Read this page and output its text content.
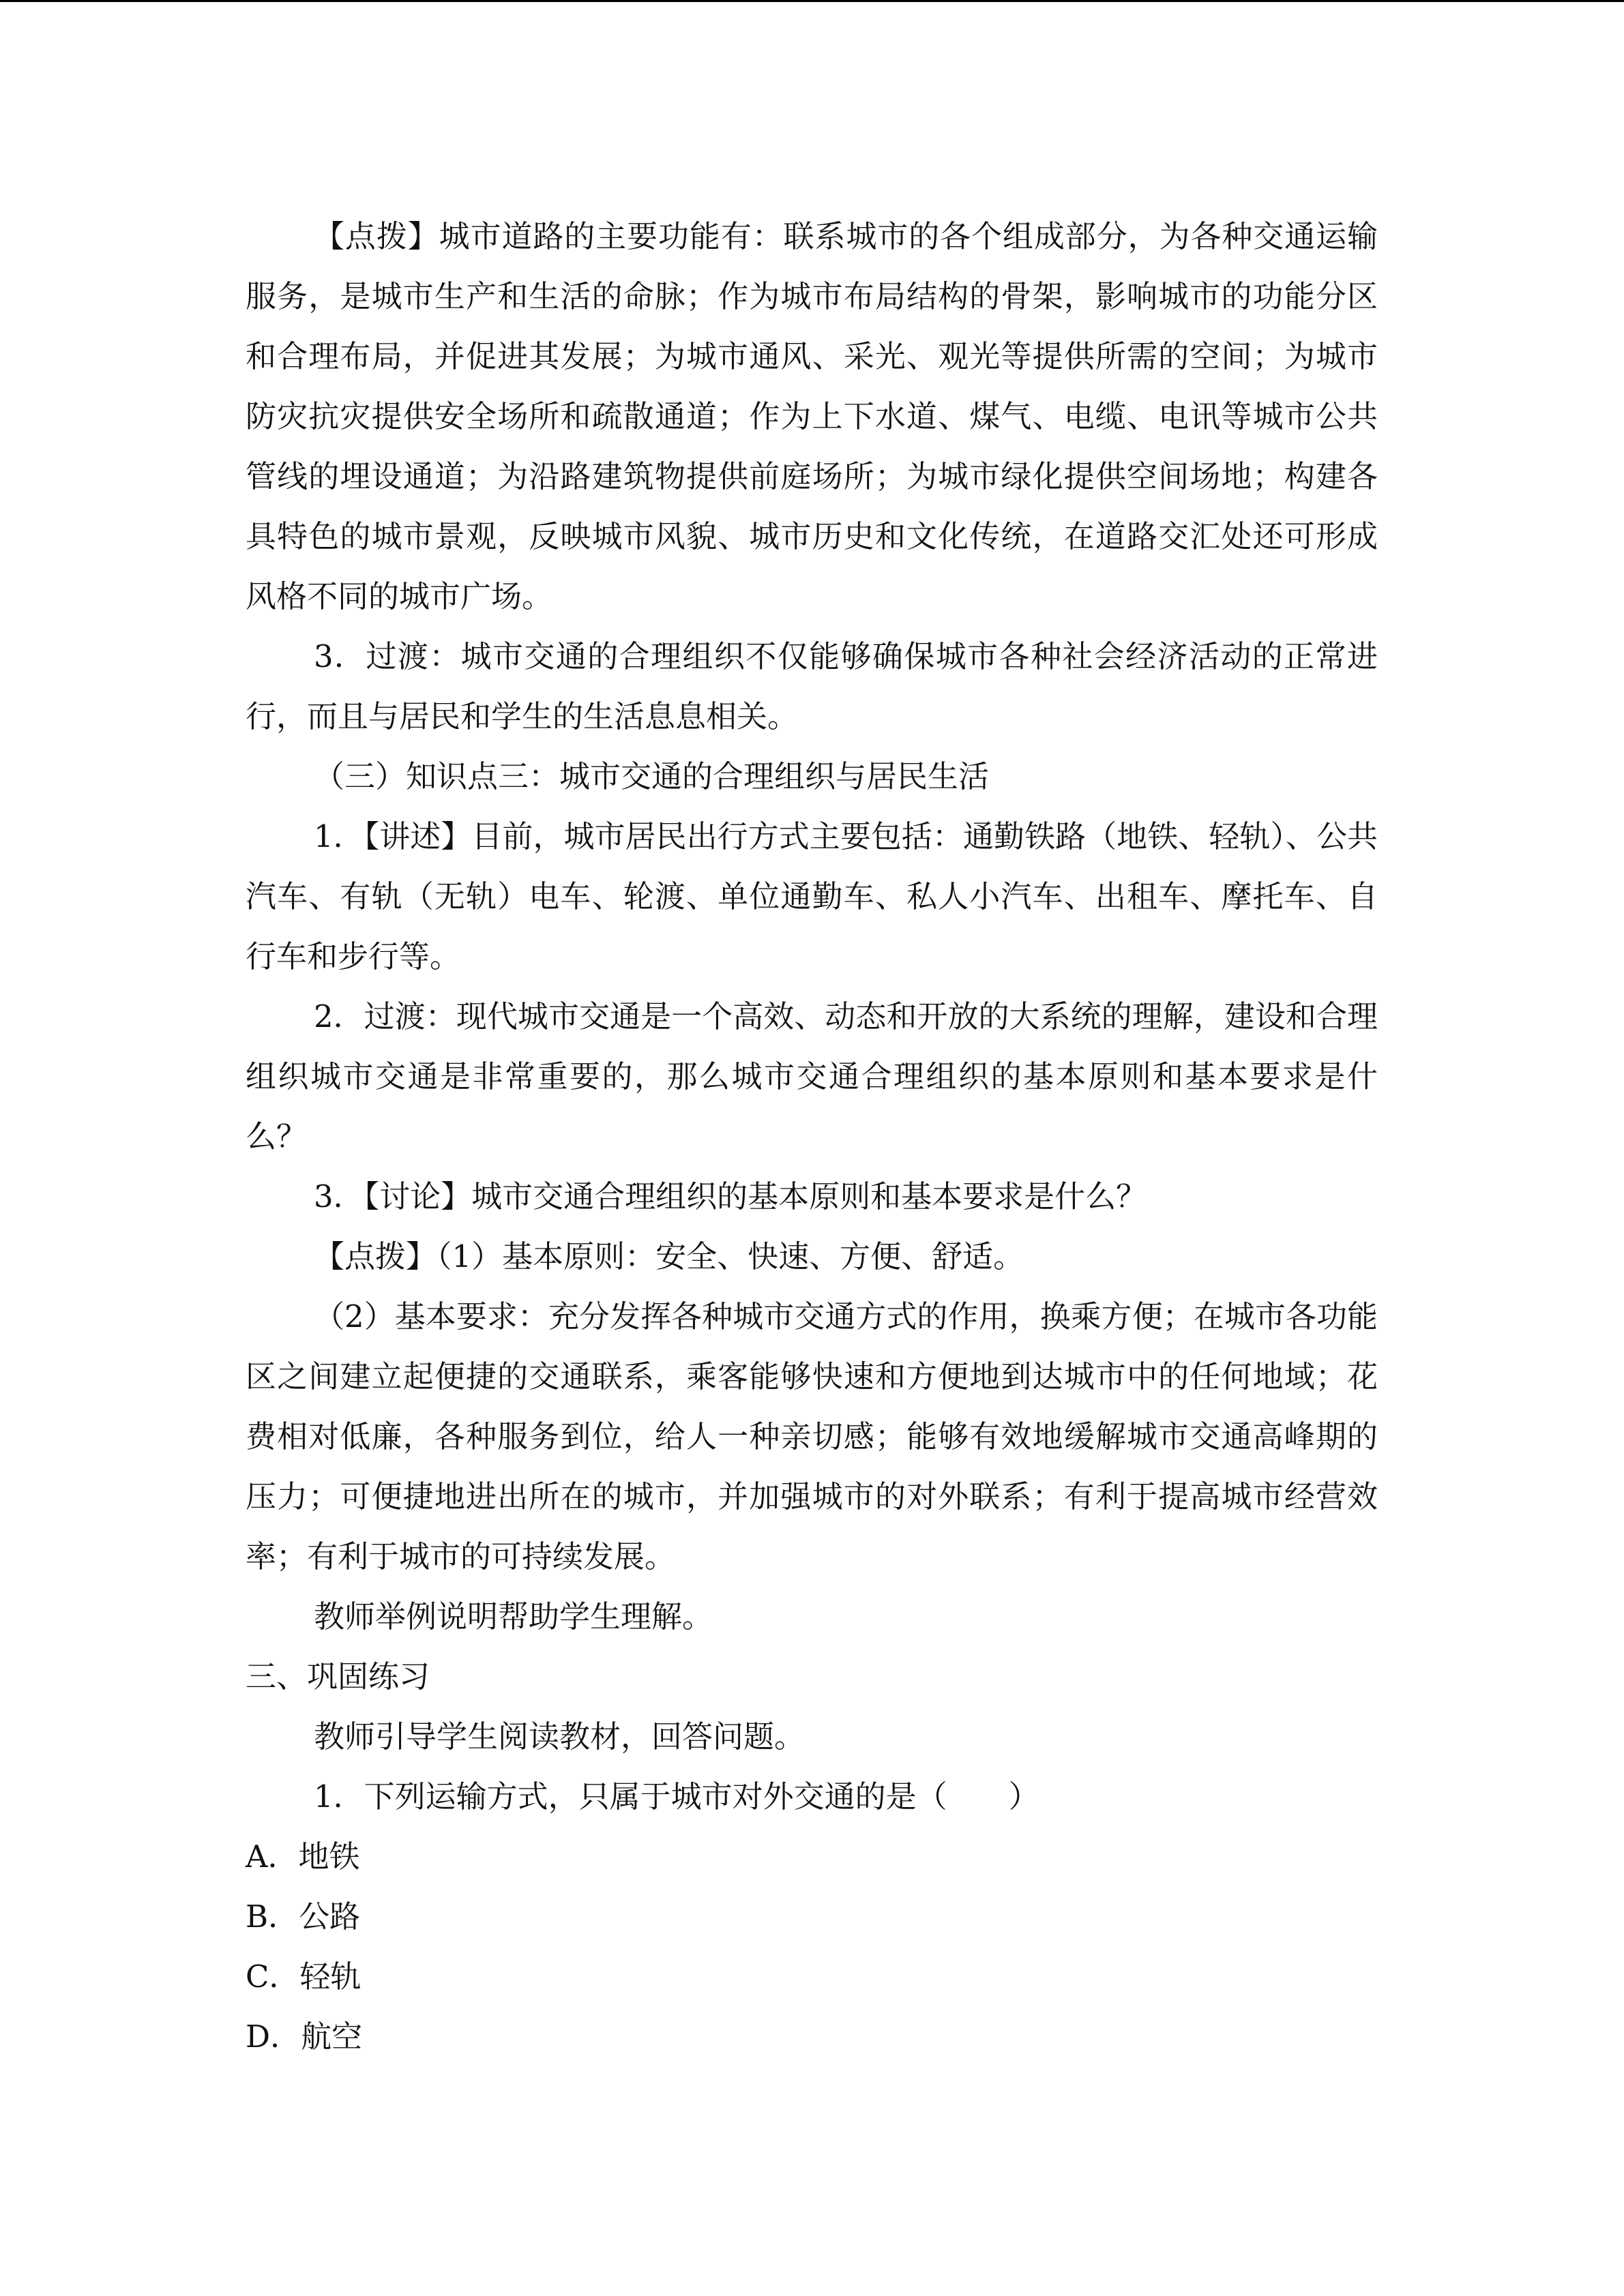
【点拨】城市道路的主要功能有：联系城市的各个组成部分，为各种交通运输服务，是城市生产和生活的命脉；作为城市布局结构的骨架，影响城市的功能分区和合理布局，并促进其发展；为城市通风、采光、观光等提供所需的空间；为城市防灾抗灾提供安全场所和疏散通道；作为上下水道、煤气、电缆、电讯等城市公共管线的埋设通道；为沿路建筑物提供前庭场所；为城市绿化提供空间场地；构建各具特色的城市景观，反映城市风貌、城市历史和文化传统，在道路交汇处还可形成风格不同的城市广场。

3．过渡：城市交通的合理组织不仅能够确保城市各种社会经济活动的正常进行，而且与居民和学生的生活息息相关。

（三）知识点三：城市交通的合理组织与居民生活

1．【讲述】目前，城市居民出行方式主要包括：通勤铁路（地铁、轻轨）、公共汽车、有轨（无轨）电车、轮渡、单位通勤车、私人小汽车、出租车、摩托车、自行车和步行等。

2．过渡：现代城市交通是一个高效、动态和开放的大系统的理解，建设和合理组织城市交通是非常重要的，那么城市交通合理组织的基本原则和基本要求是什么？

3．【讨论】城市交通合理组织的基本原则和基本要求是什么？

【点拨】（1）基本原则：安全、快速、方便、舒适。

（2）基本要求：充分发挥各种城市交通方式的作用，换乘方便；在城市各功能区之间建立起便捷的交通联系，乘客能够快速和方便地到达城市中的任何地域；花费相对低廉，各种服务到位，给人一种亲切感；能够有效地缓解城市交通高峰期的压力；可便捷地进出所在的城市，并加强城市的对外联系；有利于提高城市经营效率；有利于城市的可持续发展。

教师举例说明帮助学生理解。

三、巩固练习

教师引导学生阅读教材，回答问题。

1．下列运输方式，只属于城市对外交通的是（　　）

A．地铁

B．公路

C．轻轨

D．航空
